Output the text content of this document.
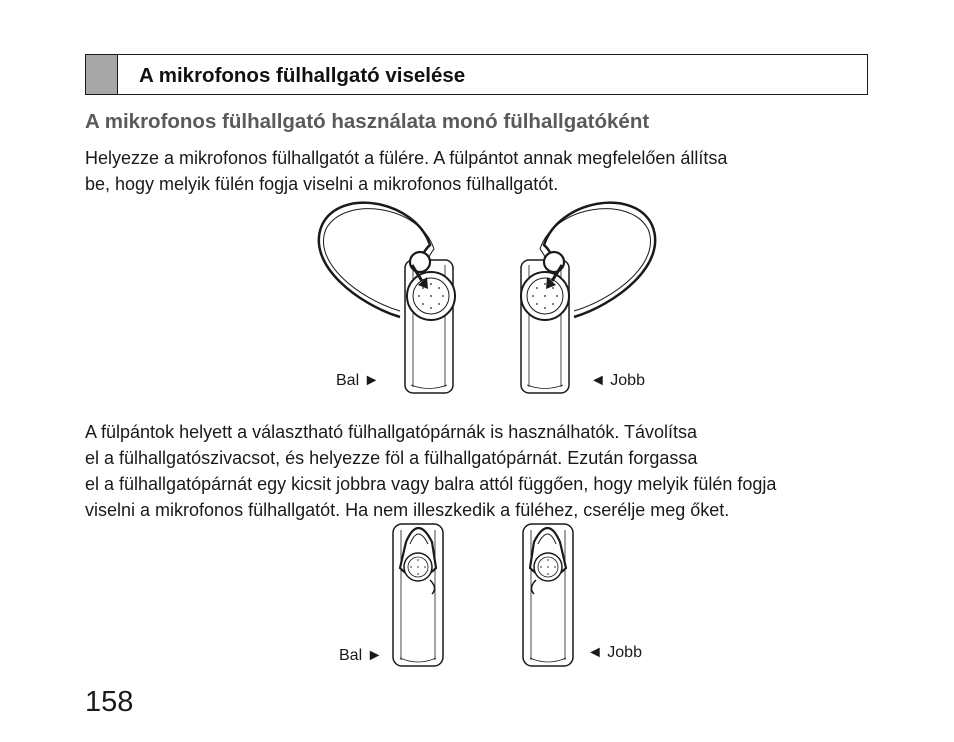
A mikrofonos fülhallgató viselése
A mikrofonos fülhallgató használata monó fülhallgatóként
Helyezze a mikrofonos fülhallgatót a fülére. A fülpántot annak megfelelően állítsa
be, hogy melyik fülén fogja viselni a mikrofonos fülhallgatót.
Bal ►	◄ Jobb
A fülpántok helyett a választható fülhallgatópárnák is használhatók. Távolítsa
el a fülhallgatószivacsot, és helyezze föl a fülhallgatópárnát. Ezután forgassa
el a fülhallgatópárnát egy kicsit jobbra vagy balra attól függően, hogy melyik fülén fogja
viselni a mikrofonos fülhallgatót. Ha nem illeszkedik a füléhez, cserélje meg őket.
Bal ►	◄ Jobb
158
